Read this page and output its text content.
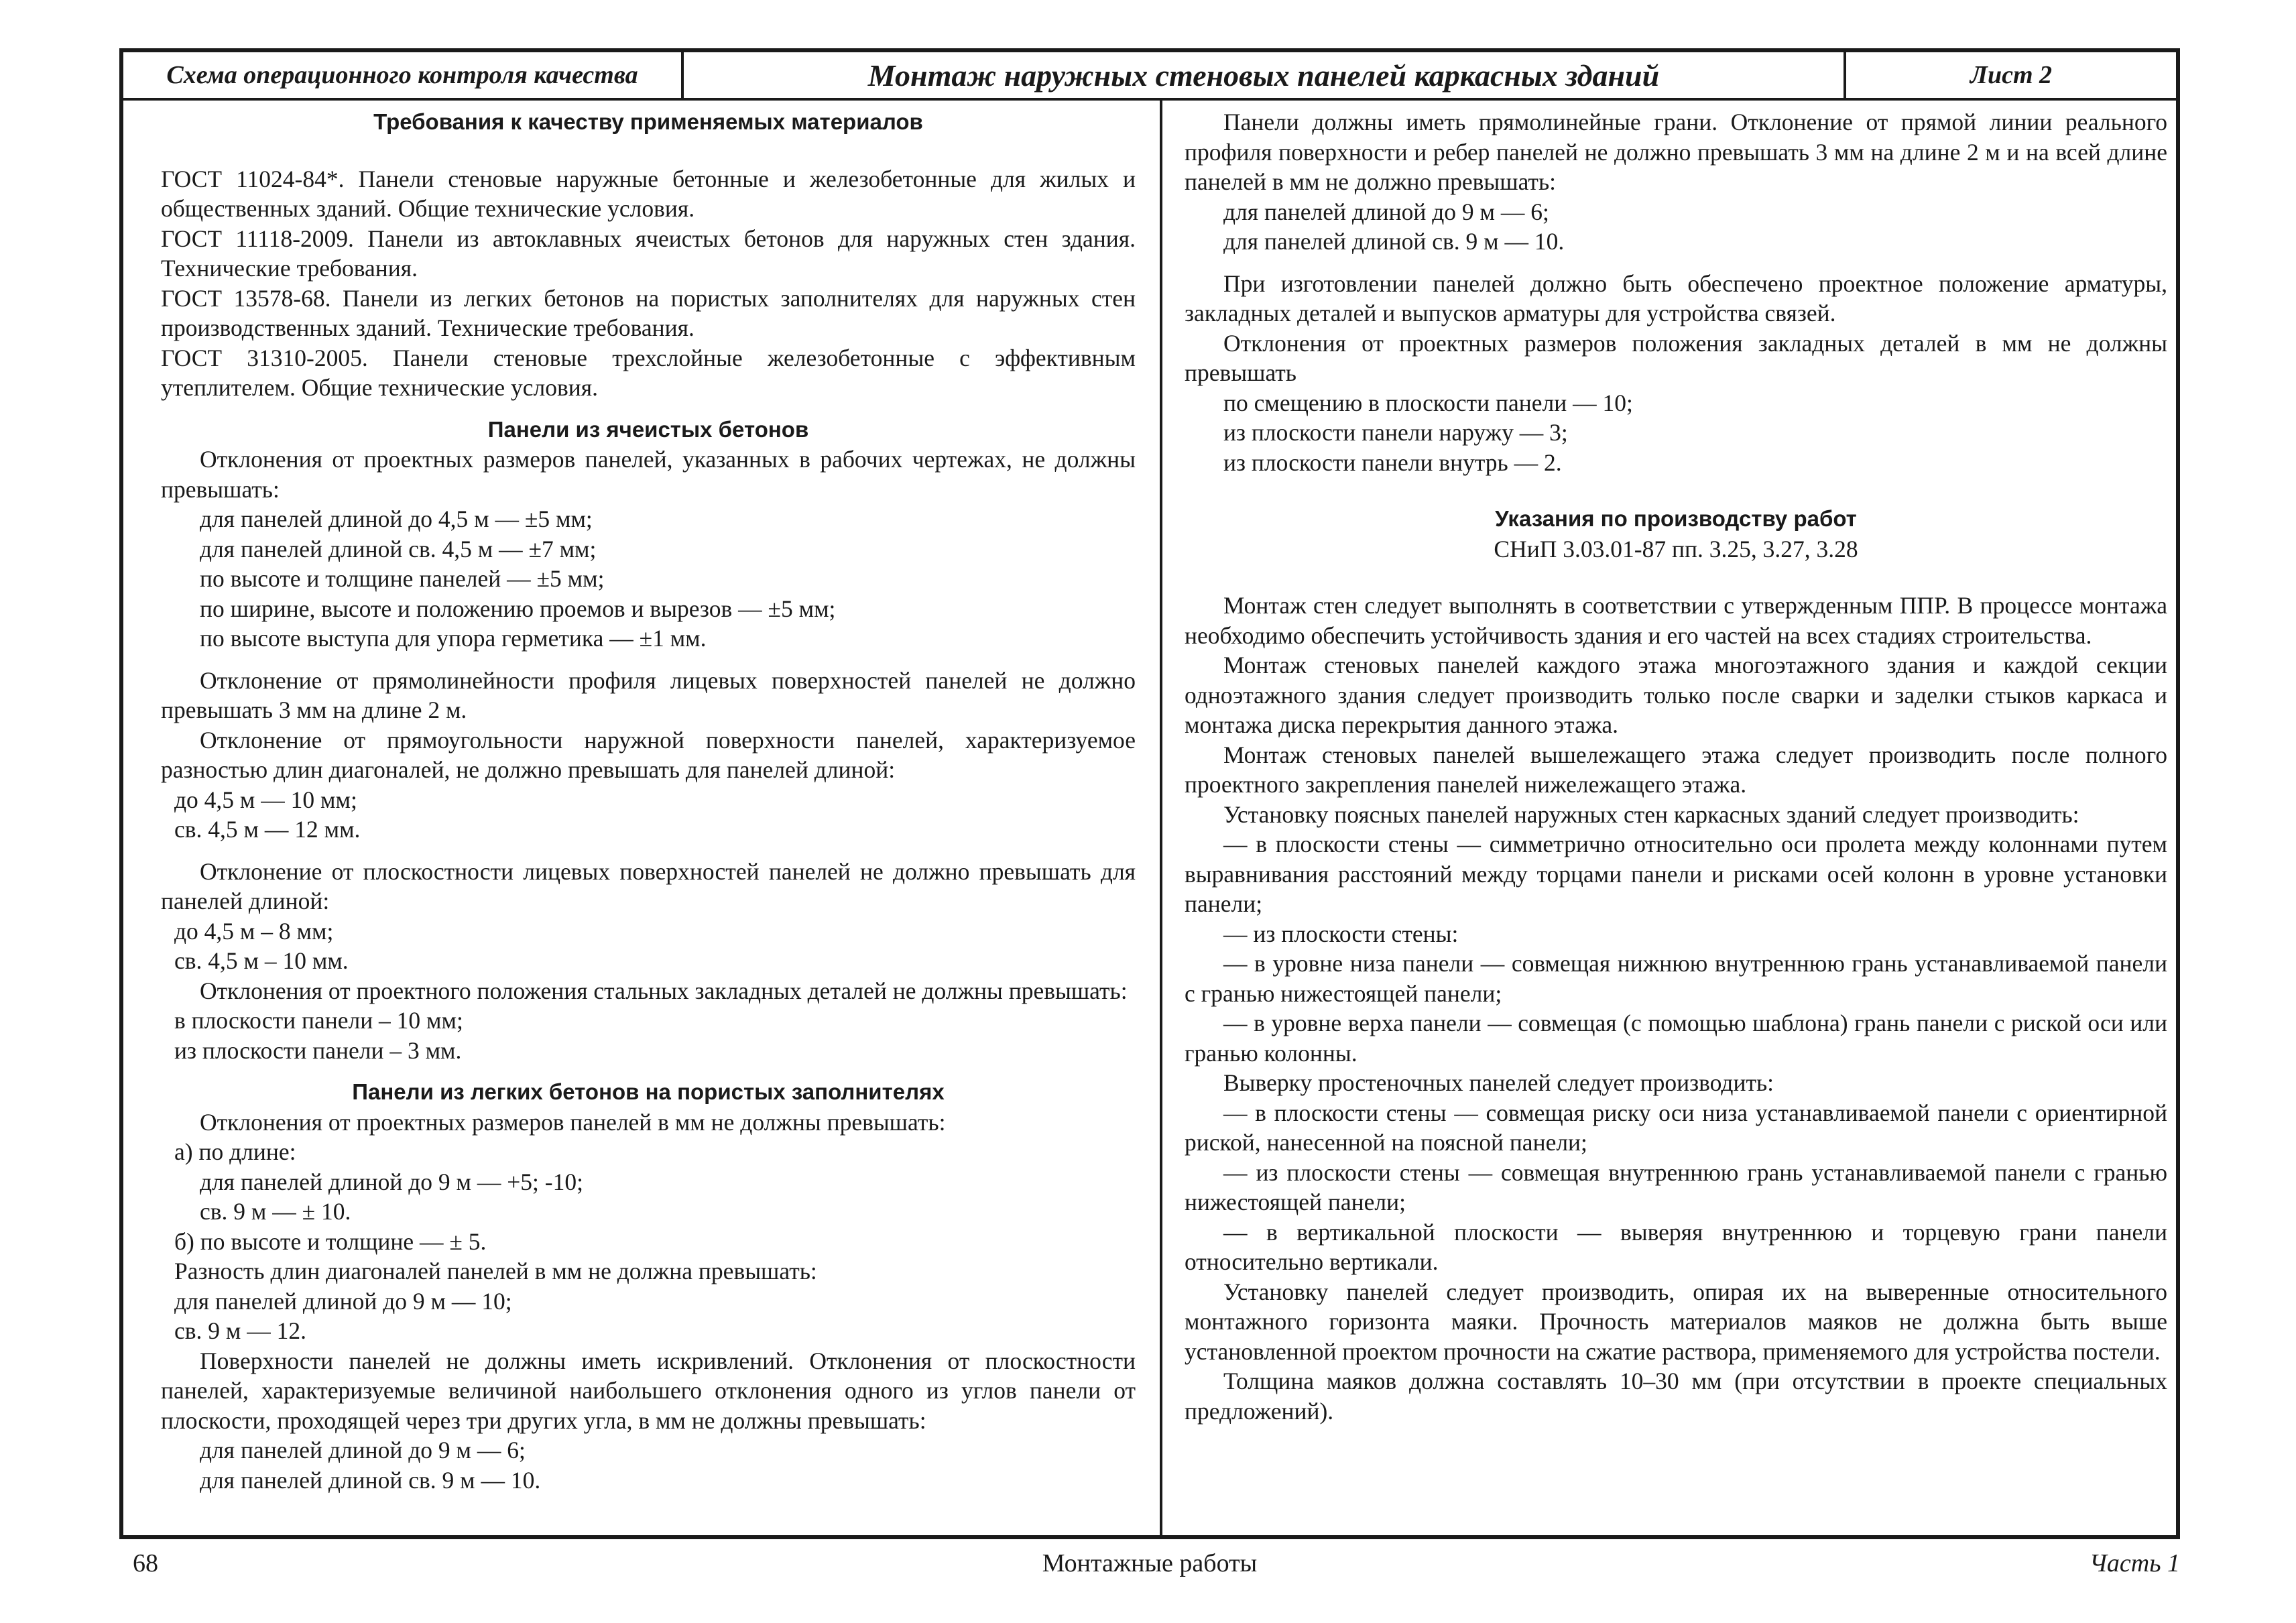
Схема операционного контроля качества	Монтаж наружных стеновых панелей каркасных зданий	Лист 2

Требования к качеству применяемых материалов

ГОСТ 11024-84*. Панели стеновые наружные бетонные и железобетонные для жилых и общественных зданий. Общие технические условия.

ГОСТ 11118-2009. Панели из автоклавных ячеистых бетонов для наружных стен здания. Технические требования.

ГОСТ 13578-68. Панели из легких бетонов на пористых заполнителях для наружных стен производственных зданий. Технические требования.

ГОСТ 31310-2005. Панели стеновые трехслойные железобетонные с эффективным утеплителем. Общие технические условия.

Панели из ячеистых бетонов

Отклонения от проектных размеров панелей, указанных в рабочих чертежах, не должны превышать:

для панелей длиной до 4,5 м — ±5 мм;

для панелей длиной св. 4,5 м — ±7 мм;

по высоте и толщине панелей — ±5 мм;

по ширине, высоте и положению проемов и вырезов — ±5 мм;

по высоте выступа для упора герметика — ±1 мм.

Отклонение от прямолинейности профиля лицевых поверхностей панелей не должно превышать 3 мм на длине 2 м.

Отклонение от прямоугольности наружной поверхности панелей, характеризуемое разностью длин диагоналей, не должно превышать для панелей длиной:

до 4,5 м — 10 мм;

св. 4,5 м — 12 мм.

Отклонение от плоскостности лицевых поверхностей панелей не должно превышать для панелей длиной:

до 4,5 м – 8 мм;

св. 4,5 м – 10 мм.

Отклонения от проектного положения стальных закладных деталей не должны превышать:

в плоскости панели – 10 мм;

из плоскости панели – 3 мм.

Панели из легких бетонов на пористых заполнителях

Отклонения от проектных размеров панелей в мм не должны превышать:

а) по длине:

для панелей длиной до 9 м — +5; -10;

св. 9 м — ± 10.

б) по высоте и толщине — ± 5.

Разность длин диагоналей панелей в мм не должна превышать:

для панелей длиной до 9 м — 10;

св. 9 м — 12.

Поверхности панелей не должны иметь искривлений. Отклонения от плоскостности панелей, характеризуемые величиной наибольшего отклонения одного из углов панели от плоскости, проходящей через три других угла, в мм не должны превышать:

для панелей длиной до 9 м — 6;

для панелей длиной св. 9 м — 10.

Панели должны иметь прямолинейные грани. Отклонение от прямой линии реального профиля поверхности и ребер панелей не должно превышать 3 мм на длине 2 м и на всей длине панелей в мм не должно превышать:

для панелей длиной до 9 м — 6;

для панелей длиной св. 9 м — 10.

При изготовлении панелей должно быть обеспечено проектное положение арматуры, закладных деталей и выпусков арматуры для устройства связей.

Отклонения от проектных размеров положения закладных деталей в мм не должны превышать

по смещению в плоскости панели — 10;

из плоскости панели наружу — 3;

из плоскости панели внутрь — 2.

Указания по производству работ

СНиП 3.03.01-87 пп. 3.25, 3.27, 3.28

Монтаж стен следует выполнять в соответствии с утвержденным ППР. В процессе монтажа необходимо обеспечить устойчивость здания и его частей на всех стадиях строительства.

Монтаж стеновых панелей каждого этажа многоэтажного здания и каждой секции одноэтажного здания следует производить только после сварки и заделки стыков каркаса и монтажа диска перекрытия данного этажа.

Монтаж стеновых панелей вышележащего этажа следует производить после полного проектного закрепления панелей нижележащего этажа.

Установку поясных панелей наружных стен каркасных зданий следует производить:

— в плоскости стены — симметрично относительно оси пролета между колоннами путем выравнивания расстояний между торцами панели и рисками осей колонн в уровне установки панели;

— из плоскости стены:

— в уровне низа панели — совмещая нижнюю внутреннюю грань устанавливаемой панели с гранью нижестоящей панели;

— в уровне верха панели — совмещая (с помощью шаблона) грань панели с риской оси или гранью колонны.

Выверку простеночных панелей следует производить:

— в плоскости стены — совмещая риску оси низа устанавливаемой панели с ориентирной риской, нанесенной на поясной панели;

— из плоскости стены — совмещая внутреннюю грань устанавливаемой панели с гранью нижестоящей панели;

— в вертикальной плоскости — выверяя внутреннюю и торцевую грани панели относительно вертикали.

Установку панелей следует производить, опирая их на выверенные относительного монтажного горизонта маяки. Прочность материалов маяков не должна быть выше установленной проектом прочности на сжатие раствора, применяемого для устройства постели.

Толщина маяков должна составлять 10–30 мм (при отсутствии в проекте специальных предложений).

68	Монтажные работы	Часть 1
